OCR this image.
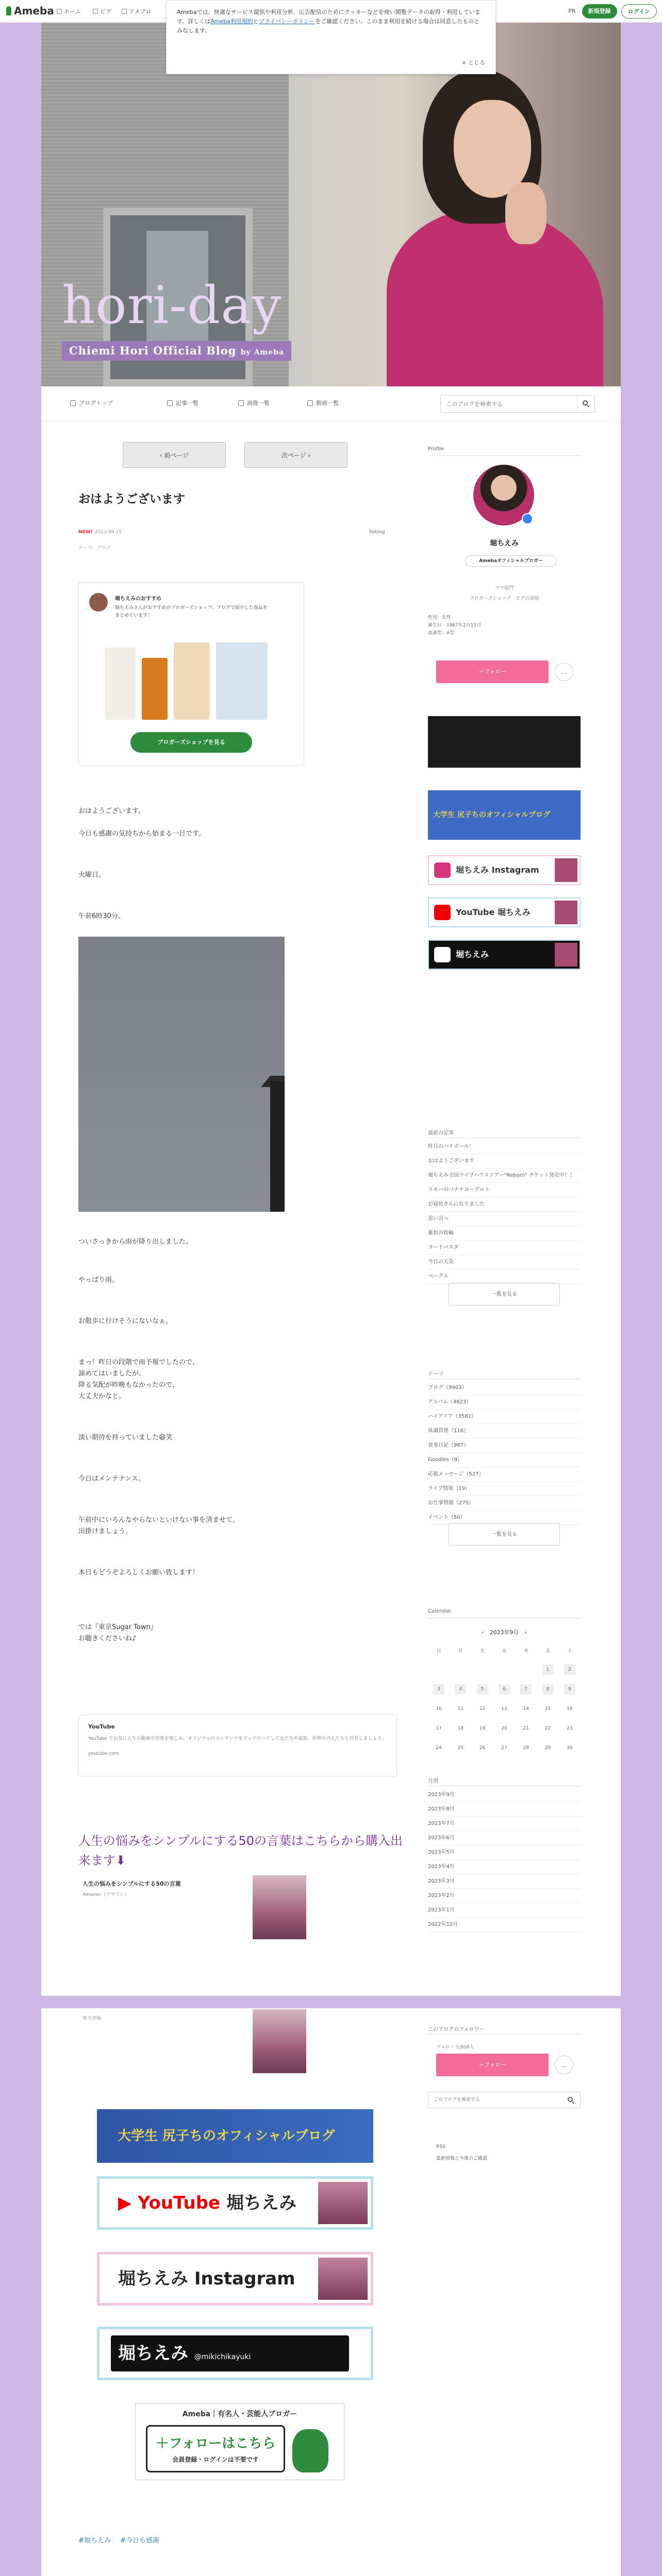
Ameba	ホーム	ピグ	アメブロ	PR	新規登録	ログイン
hori-day
Chiemi Hori Official Blog by Ameba
Amebaでは、快適なサービス提供や利用分析、広告配信のためにクッキーなどを使い閲覧データの取得・利用しています。詳しくはAmeba利用規約とプライバシーポリシーをご確認ください。このまま利用を続ける場合は同意したものとみなします。
× とじる
ブログトップ	記事一覧	画像一覧	動画一覧
このブログを検索する
‹ 前ページ	次ページ ›
おはようございます
NEW! 2023-09-15
テーマ：ブログ
Reblog
堀ちえみのおすすめ
堀ちえみさんがおすすめのブロガーズショップ。ブログで紹介した商品をまとめています！
ブロガーズショップを見る
おはようございます。
今日も感謝の気持ちから始まる一日です。
火曜日。
午前6時30分。
ついさっきから雨が降り出しました。
やっぱり雨。
お散歩に行けそうにないなぁ。
まっ！昨日の段階で雨予報でしたので、
諦めてはいましたが、
降る気配が昨晩もなかったので、
大丈夫かなと。
淡い期待を持っていました😆笑
今日はメンテナンス。
午前中にいろんなやらないといけない事を済ませて、
出掛けましょう。
本日もどうぞよろしくお願い致します！
では『東京Sugar Town』
お聴きくださいね♪
YouTube
YouTube でお気に入りの動画や音楽を楽しみ、オリジナルのコンテンツをアップロードして友だちや家族、世界中の人たちと共有しましょう。
youtube.com
人生の悩みをシンプルにする50の言葉はこちらから購入出来ます⬇
人生の悩みをシンプルにする50の言葉
Amazon（アマゾン）
楽天市場
大学生 尻子ちのオフィシャルブログ
▶ YouTube 堀ちえみ
堀ちえみ Instagram
堀ちえみ @mikichikayuki
Ameba｜有名人・芸能人ブロガー
＋フォローはこちら
会員登録・ログインは不要です
#堀ちえみ #今日も感謝
Profile
堀ちえみ
Amebaオフィシャルブロガー
ママ部門
ブロガーズショップ　 ピグの部屋
性別：女性
誕生日：1967年2月15日
血液型：A型
＋フォロー	…
大学生 尻子ちのオフィシャルブログ
堀ちえみ Instagram
YouTube 堀ちえみ
堀ちえみ
最新の記事
昨日のハイボール！
おはようございます
堀ちえみ全国ライブハウスツアー"Reborn" チケット発売中！！
スキバのバナナヨーグルト
お寝坊さんになりました
思い出へ
薬指の指輪
ヌードパスタ
今日の天気
ベーグル
一覧を見る
テーマ
ブログ（9903）
アルバム（4823）
ハイアイア（3581）
体調管理（116）
食事日記（987）
Goodies（9）
応援メッセージ（527）
ライブ情報（19）
お仕事情報（275）
イベント（50）
一覧を見る
Calendar
‹　 2023年9月　 ›
日	月	火	水	木	金	土
					1	2
3	4	5	6	7	8	9
10	11	12	13	14	15	16
17	18	19	20	21	22	23
24	25	26	27	28	29	30
月別
2023年9月
2023年8月
2023年7月
2023年6月
2023年5月
2023年4月
2023年3月
2023年2月
2023年1月
2022年12月
このブログのフォロワー
フォロー 3,808人
＋フォロー	…
このブログを検索する
RSS
最新情報と今後のご確認
